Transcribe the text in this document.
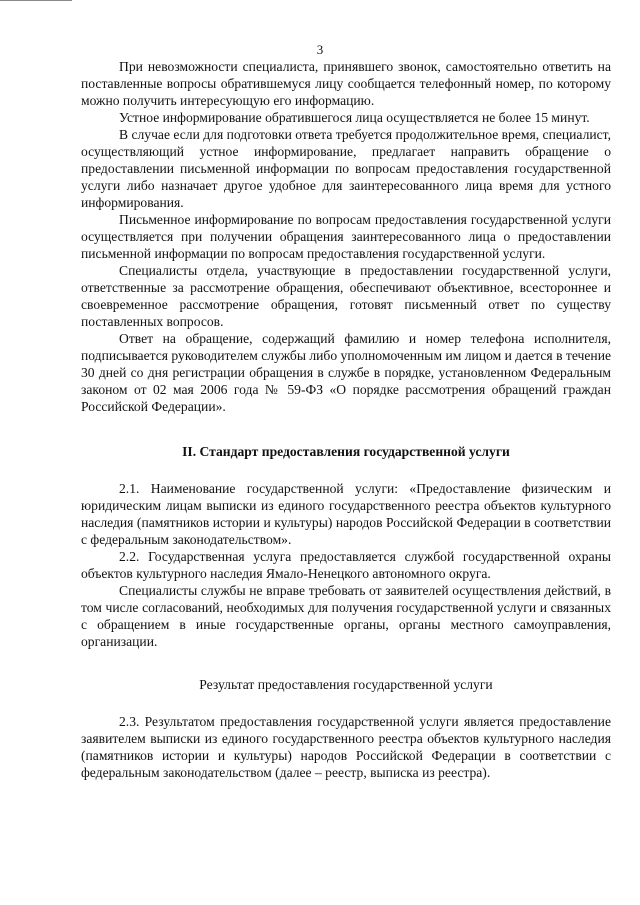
3

При невозможности специалиста, принявшего звонок, самостоятельно ответить на поставленные вопросы обратившемуся лицу сообщается телефонный номер, по которому можно получить интересующую его информацию.

Устное информирование обратившегося лица осуществляется не более 15 минут.

В случае если для подготовки ответа требуется продолжительное время, специалист, осуществляющий устное информирование, предлагает направить обращение о предоставлении письменной информации по вопросам предоставления государственной услуги либо назначает другое удобное для заинтересованного лица время для устного информирования.

Письменное информирование по вопросам предоставления государственной услуги осуществляется при получении обращения заинтересованного лица о предоставлении письменной информации по вопросам предоставления государственной услуги.

Специалисты отдела, участвующие в предоставлении государственной услуги, ответственные за рассмотрение обращения, обеспечивают объективное, всестороннее и своевременное рассмотрение обращения, готовят письменный ответ по существу поставленных вопросов.

Ответ на обращение, содержащий фамилию и номер телефона исполнителя, подписывается руководителем службы либо уполномоченным им лицом и дается в течение 30 дней со дня регистрации обращения в службе в порядке, установленном Федеральным законом от 02 мая 2006 года № 59-ФЗ «О порядке рассмотрения обращений граждан Российской Федерации».

II. Стандарт предоставления государственной услуги

2.1. Наименование государственной услуги: «Предоставление физическим и юридическим лицам выписки из единого государственного реестра объектов культурного наследия (памятников истории и культуры) народов Российской Федерации в соответствии с федеральным законодательством».

2.2. Государственная услуга предоставляется службой государственной охраны объектов культурного наследия Ямало-Ненецкого автономного округа.

Специалисты службы не вправе требовать от заявителей осуществления действий, в том числе согласований, необходимых для получения государственной услуги и связанных с обращением в иные государственные органы, органы местного самоуправления, организации.

Результат предоставления государственной услуги

2.3. Результатом предоставления государственной услуги является предоставление заявителем выписки из единого государственного реестра объектов культурного наследия (памятников истории и культуры) народов Российской Федерации в соответствии с федеральным законодательством (далее – реестр, выписка из реестра).
